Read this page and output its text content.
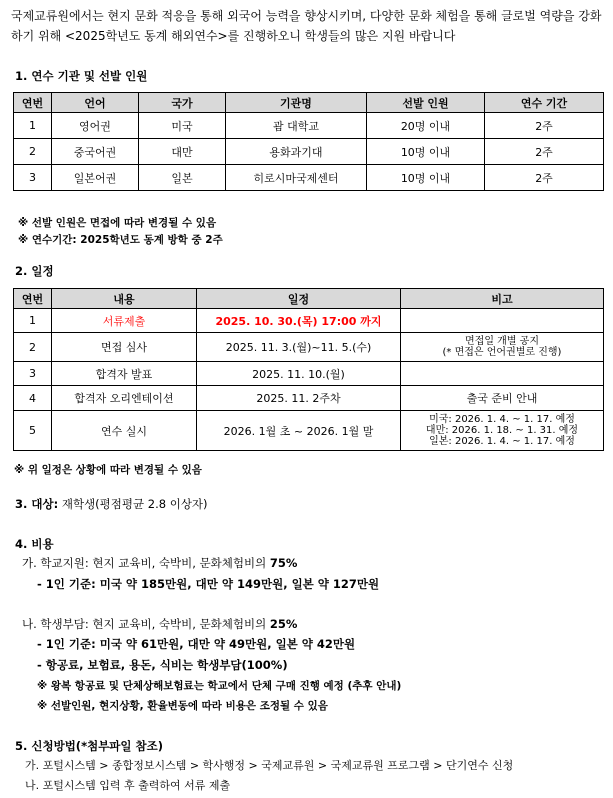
국제교류원에서는 현지 문화 적응을 통해 외국어 능력을 향상시키며, 다양한 문화 체험을 통해 글로벌 역량을 강화하기 위해 <2025학년도 동계 해외연수>를 진행하오니 학생들의 많은 지원 바랍니다
1. 연수 기관 및 선발 인원
연번	언어	국가	기관명	선발 인원	연수 기간
1	영어권	미국	괌 대학교	20명 이내	2주
2	중국어권	대만	용화과기대	10명 이내	2주
3	일본어권	일본	히로시마국제센터	10명 이내	2주
※ 선발 인원은 면접에 따라 변경될 수 있음
※ 연수기간: 2025학년도 동계 방학 중 2주
2. 일정
연번	내용	일정	비고
1	서류제출	2025. 10. 30.(목) 17:00 까지	
2	면접 심사	2025. 11. 3.(월)~11. 5.(수)	면접일 개별 공지
(* 면접은 언어권별로 진행)

3	합격자 발표	2025. 11. 10.(월)	
4	합격자 오리엔테이션	2025. 11. 2주차	출국 준비 안내
5	연수 실시	2026. 1월 초 ~ 2026. 1월 말	미국: 2026. 1. 4. ~ 1. 17. 예정
대만: 2026. 1. 18. ~ 1. 31. 예정
일본: 2026. 1. 4. ~ 1. 17. 예정
※ 위 일정은 상황에 따라 변경될 수 있음
3. 대상: 재학생(평점평균 2.8 이상자)
4. 비용
가. 학교지원: 현지 교육비, 숙박비, 문화체험비의 75%
- 1인 기준: 미국 약 185만원, 대만 약 149만원, 일본 약 127만원
나. 학생부담: 현지 교육비, 숙박비, 문화체험비의 25%
- 1인 기준: 미국 약 61만원, 대만 약 49만원, 일본 약 42만원
- 항공료, 보험료, 용돈, 식비는 학생부담(100%)
※ 왕복 항공료 및 단체상해보험료는 학교에서 단체 구매 진행 예정 (추후 안내)
※ 선발인원, 현지상황, 환율변동에 따라 비용은 조정될 수 있음
5. 신청방법(*첨부파일 참조)
가. 포털시스템 > 종합정보시스템 > 학사행정 > 국제교류원 > 국제교류원 프로그램 > 단기연수 신청
나. 포털시스템 입력 후 출력하여 서류 제출
